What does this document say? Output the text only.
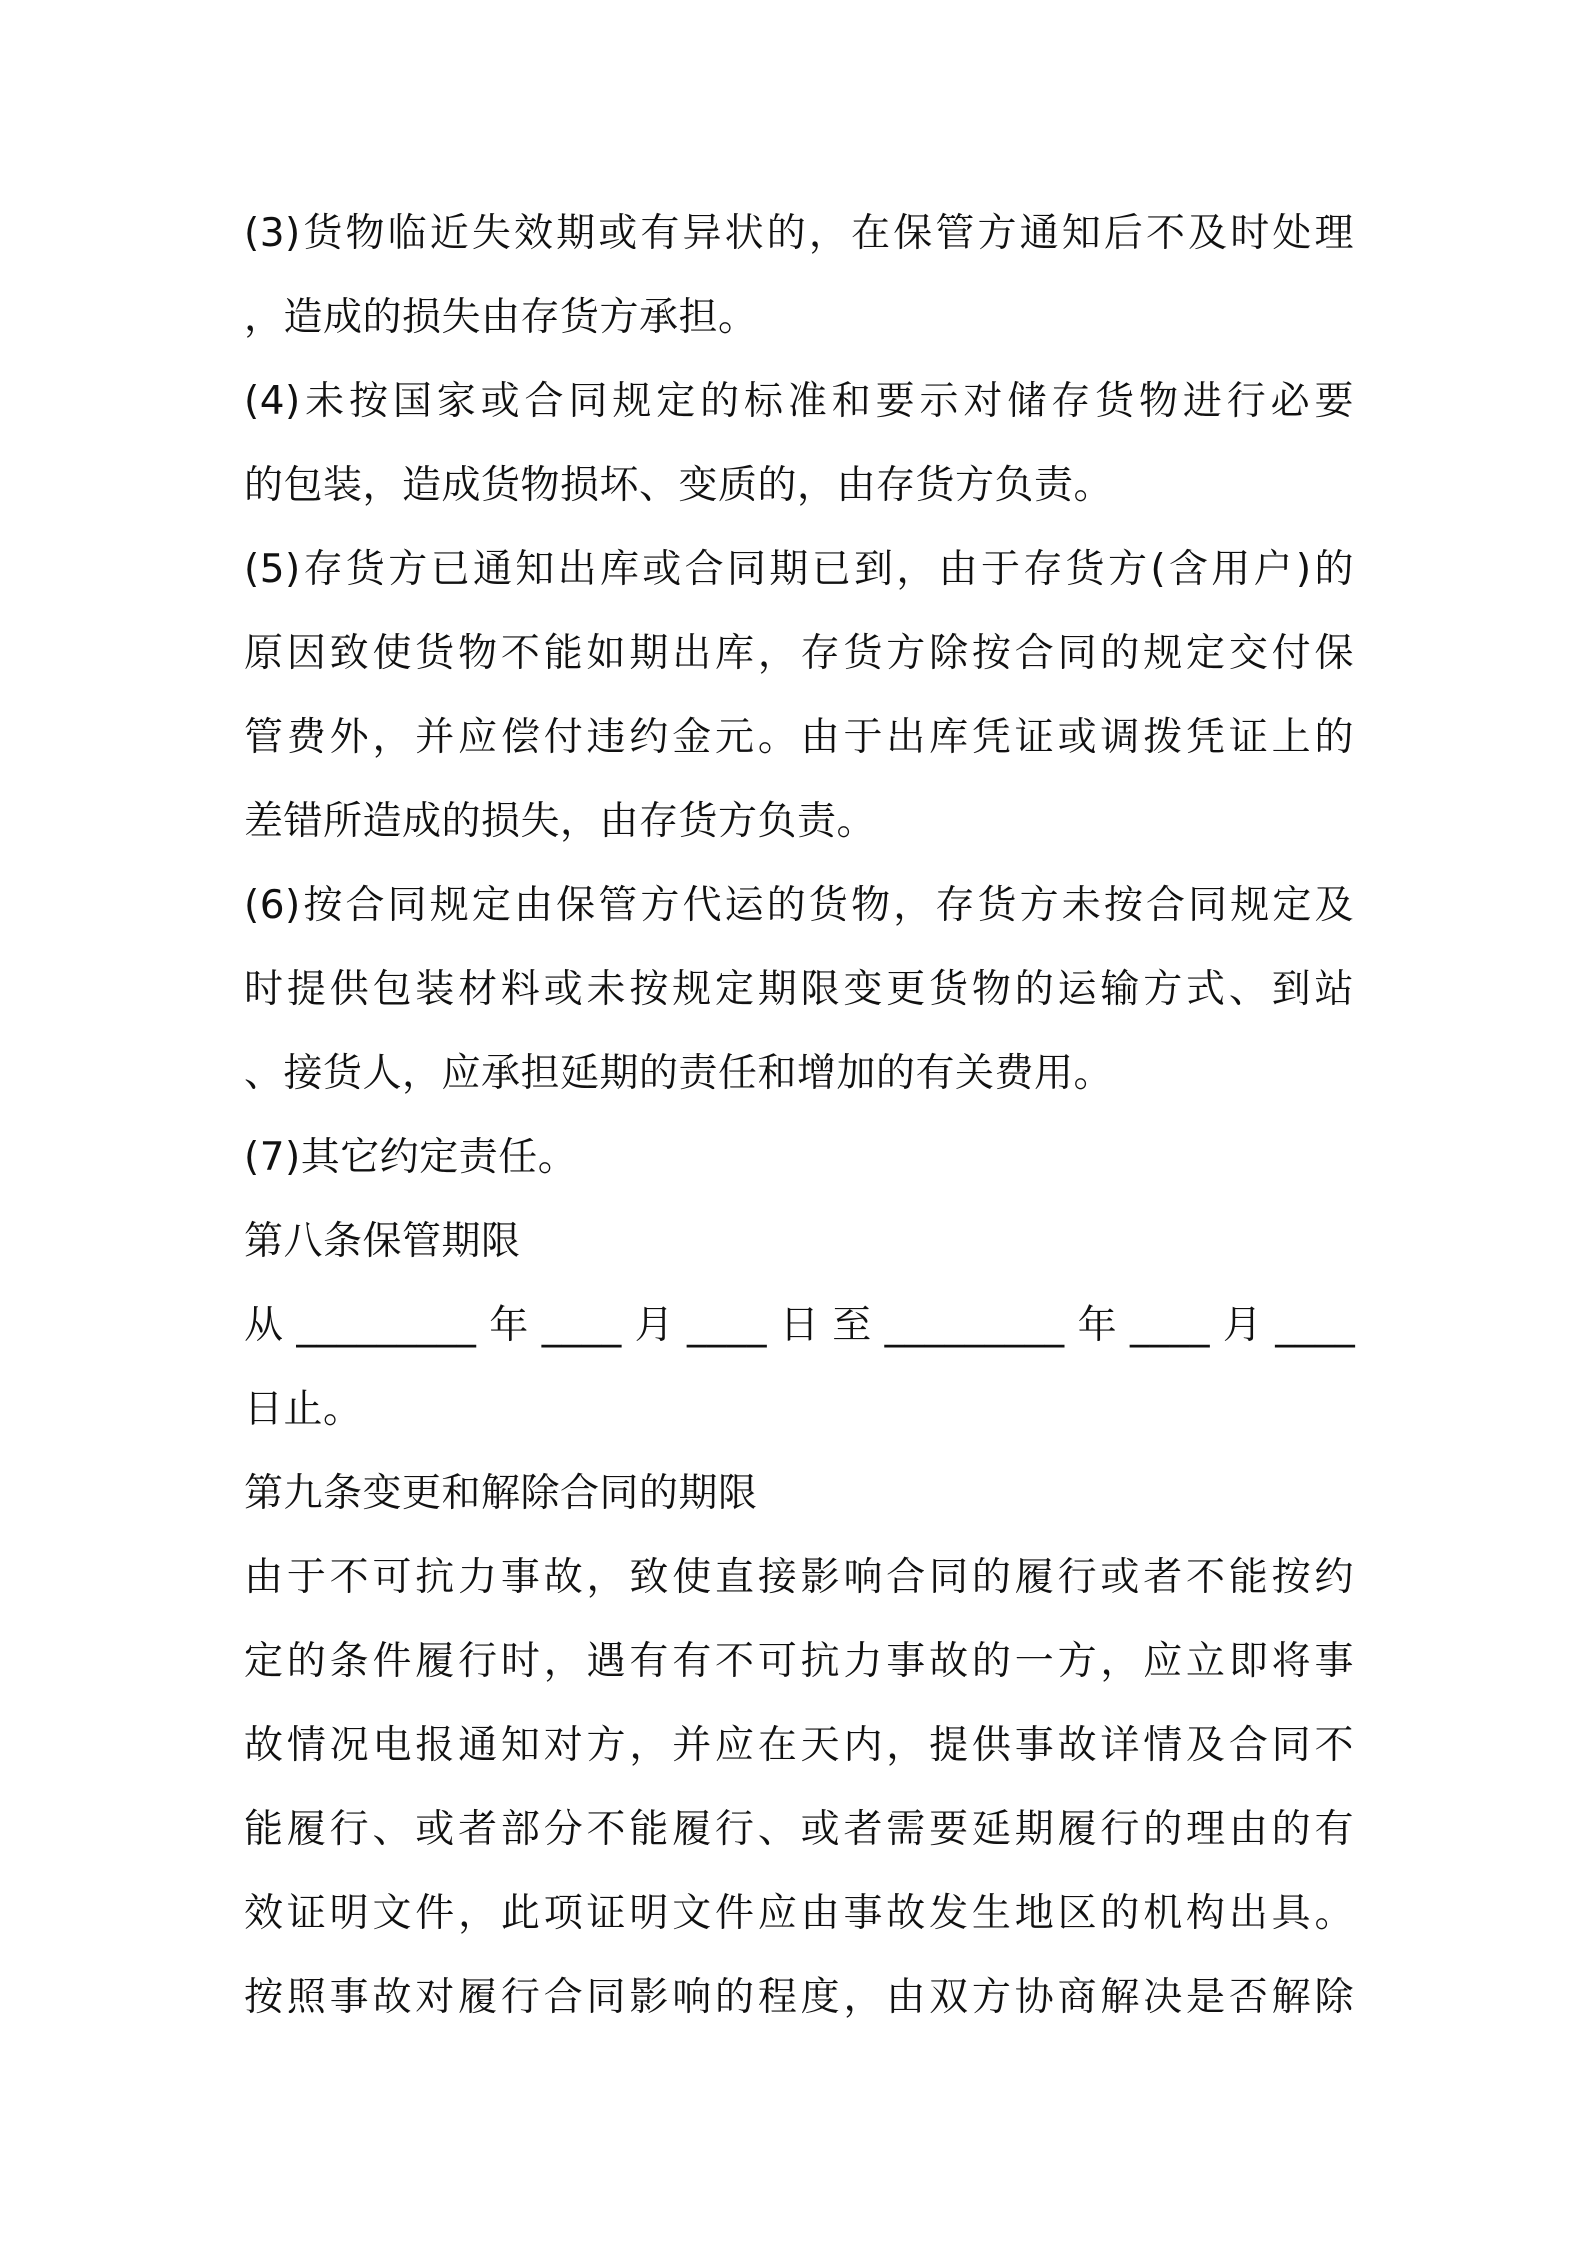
(3)货物临近失效期或有异状的，在保管方通知后不及时处理
，造成的损失由存货方承担。
(4)未按国家或合同规定的标准和要示对储存货物进行必要
的包装，造成货物损坏、变质的，由存货方负责。
(5)存货方已通知出库或合同期已到，由于存货方(含用户)的
原因致使货物不能如期出库，存货方除按合同的规定交付保
管费外，并应偿付违约金元。由于出库凭证或调拨凭证上的
差错所造成的损失，由存货方负责。
(6)按合同规定由保管方代运的货物，存货方未按合同规定及
时提供包装材料或未按规定期限变更货物的运输方式、到站
、接货人，应承担延期的责任和增加的有关费用。
(7)其它约定责任。
第八条保管期限
从 _________ 年 ____ 月 ____ 日 至 _________ 年 ____ 月 ____
日止。
第九条变更和解除合同的期限
由于不可抗力事故，致使直接影响合同的履行或者不能按约
定的条件履行时，遇有有不可抗力事故的一方，应立即将事
故情况电报通知对方，并应在天内，提供事故详情及合同不
能履行、或者部分不能履行、或者需要延期履行的理由的有
效证明文件，此项证明文件应由事故发生地区的机构出具。
按照事故对履行合同影响的程度，由双方协商解决是否解除
